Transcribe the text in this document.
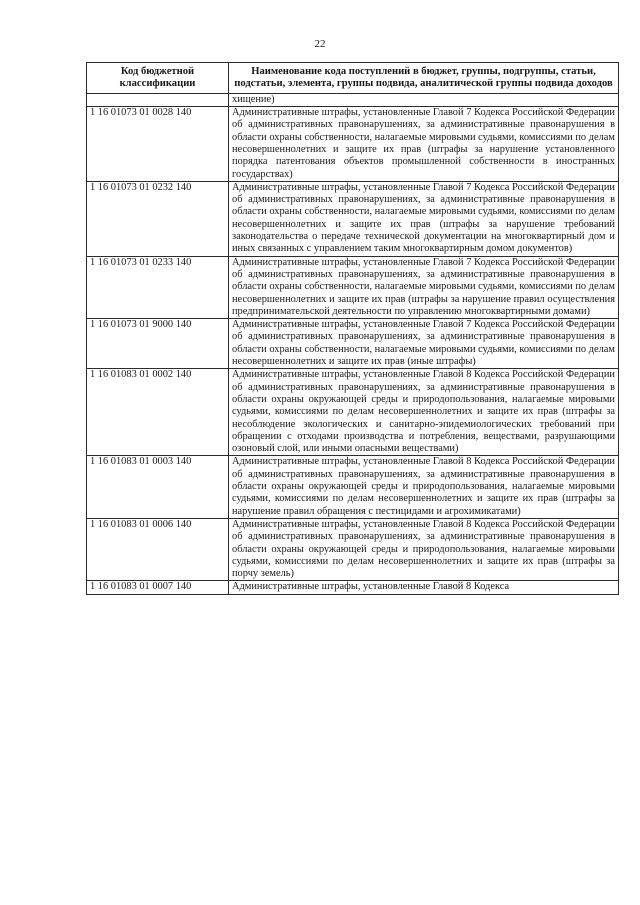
22
Код бюджетной классификации	Наименование кода поступлений в бюджет, группы, подгруппы, статьи, подстатьи, элемента, группы подвида, аналитической группы подвида доходов
	хищение)
1 16 01073 01 0028 140	Административные штрафы, установленные Главой 7 Кодекса Российской Федерации об административных правонарушениях, за административные правонарушения в области охраны собственности, налагаемые мировыми судьями, комиссиями по делам несовершеннолетних и защите их прав (штрафы за нарушение установленного порядка патентования объектов промышленной собственности в иностранных государствах)
1 16 01073 01 0232 140	Административные штрафы, установленные Главой 7 Кодекса Российской Федерации об административных правонарушениях, за административные правонарушения в области охраны собственности, налагаемые мировыми судьями, комиссиями по делам несовершеннолетних и защите их прав (штрафы за нарушение требований законодательства о передаче технической документации на многоквартирный дом и иных связанных с управлением таким многоквартирным домом документов)
1 16 01073 01 0233 140	Административные штрафы, установленные Главой 7 Кодекса Российской Федерации об административных правонарушениях, за административные правонарушения в области охраны собственности, налагаемые мировыми судьями, комиссиями по делам несовершеннолетних и защите их прав (штрафы за нарушение правил осуществления предпринимательской деятельности по управлению многоквартирными домами)
1 16 01073 01 9000 140	Административные штрафы, установленные Главой 7 Кодекса Российской Федерации об административных правонарушениях, за административные правонарушения в области охраны собственности, налагаемые мировыми судьями, комиссиями по делам несовершеннолетних и защите их прав (иные штрафы)
1 16 01083 01 0002 140	Административные штрафы, установленные Главой 8 Кодекса Российской Федерации об административных правонарушениях, за административные правонарушения в области охраны окружающей среды и природопользования, налагаемые мировыми судьями, комиссиями по делам несовершеннолетних и защите их прав (штрафы за несоблюдение экологических и санитарно-эпидемиологических требований при обращении с отходами производства и потребления, веществами, разрушающими озоновый слой, или иными опасными веществами)
1 16 01083 01 0003 140	Административные штрафы, установленные Главой 8 Кодекса Российской Федерации об административных правонарушениях, за административные правонарушения в области охраны окружающей среды и природопользования, налагаемые мировыми судьями, комиссиями по делам несовершеннолетних и защите их прав (штрафы за нарушение правил обращения с пестицидами и агрохимикатами)
1 16 01083 01 0006 140	Административные штрафы, установленные Главой 8 Кодекса Российской Федерации об административных правонарушениях, за административные правонарушения в области охраны окружающей среды и природопользования, налагаемые мировыми судьями, комиссиями по делам несовершеннолетних и защите их прав (штрафы за порчу земель)
1 16 01083 01 0007 140	Административные штрафы, установленные Главой 8 Кодекса
